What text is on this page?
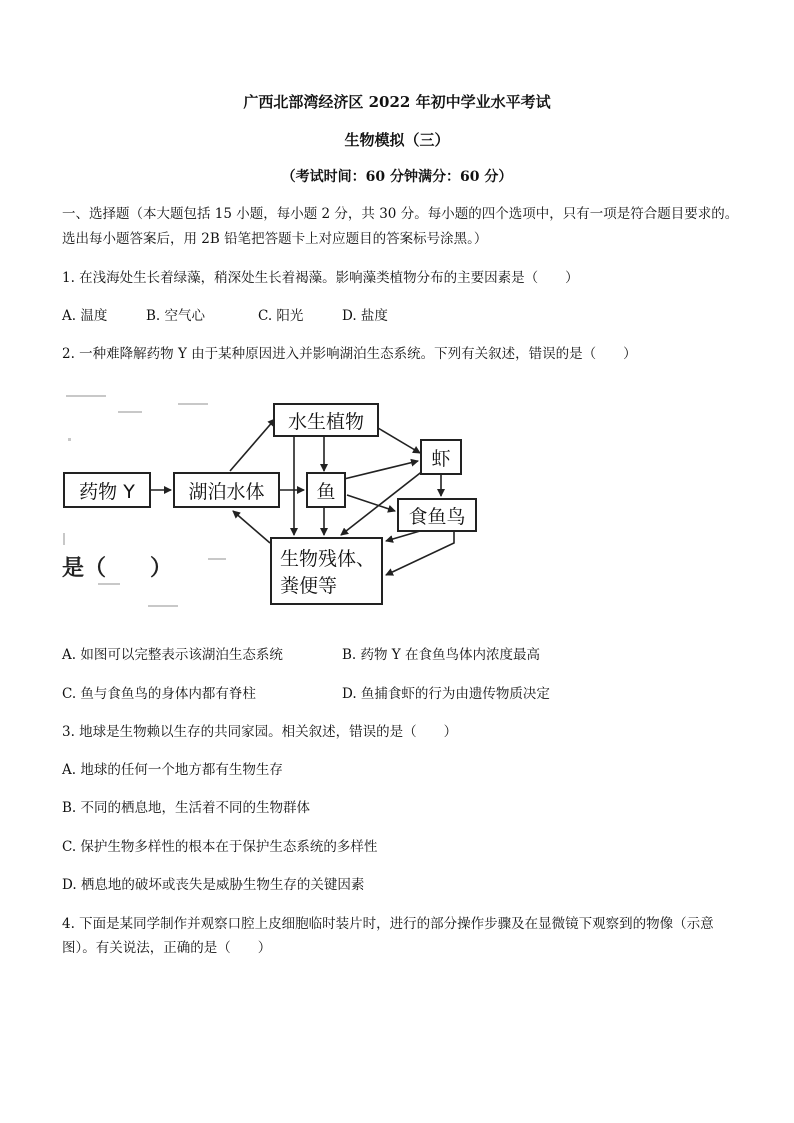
广西北部湾经济区 2022 年初中学业水平考试
生物模拟（三）
（考试时间：60 分钟满分：60 分）
一、选择题（本大题包括 15 小题，每小题 2 分，共 30 分。每小题的四个选项中，只有一项是符合题目要求的。
选出每小题答案后，用 2B 铅笔把答题卡上对应题目的答案标号涂黑。）
1. 在浅海处生长着绿藻，稍深处生长着褐藻。影响藻类植物分布的主要因素是（　　）
A. 温度	B. 空气心	C. 阳光	D. 盐度
2. 一种难降解药物 Y 由于某种原因进入并影响湖泊生态系统。下列有关叙述，错误的是（　　）
药物 Y	湖泊水体
水生植物
虾
鱼
食鱼鸟
生物残体、
粪便等
是（　　）
A. 如图可以完整表示该湖泊生态系统	B. 药物 Y 在食鱼鸟体内浓度最高
C. 鱼与食鱼鸟的身体内都有脊柱	D. 鱼捕食虾的行为由遗传物质决定
3. 地球是生物赖以生存的共同家园。相关叙述，错误的是（　　）
A. 地球的任何一个地方都有生物生存
B. 不同的栖息地，生活着不同的生物群体
C. 保护生物多样性的根本在于保护生态系统的多样性
D. 栖息地的破坏或丧失是威胁生物生存的关键因素
4. 下面是某同学制作并观察口腔上皮细胞临时装片时，进行的部分操作步骤及在显微镜下观察到的物像（示意
图）。有关说法，正确的是（　　）
